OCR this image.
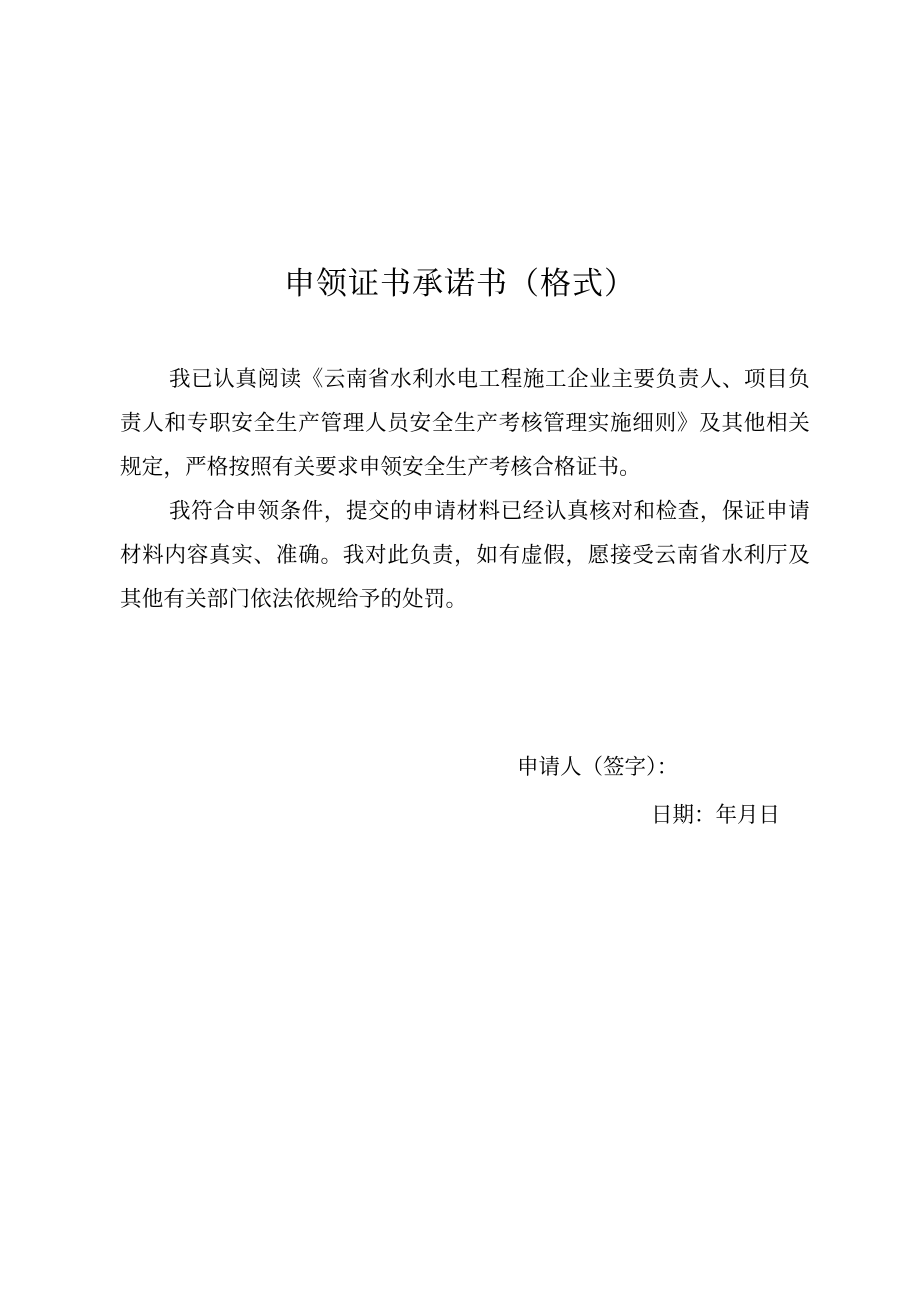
申领证书承诺书（格式）

我已认真阅读《云南省水利水电工程施工企业主要负责人、项目负责人和专职安全生产管理人员安全生产考核管理实施细则》及其他相关规定，严格按照有关要求申领安全生产考核合格证书。

我符合申领条件，提交的申请材料已经认真核对和检查，保证申请材料内容真实、准确。我对此负责，如有虚假，愿接受云南省水利厅及其他有关部门依法依规给予的处罚。

申请人（签字）：
日期：年月日
